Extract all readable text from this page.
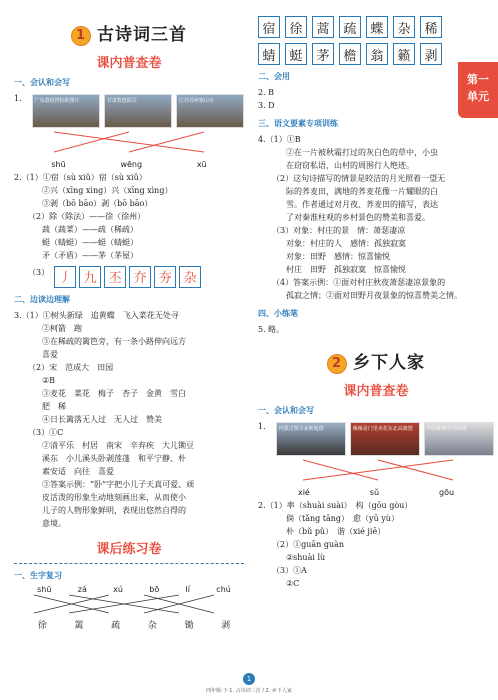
1 古诗词三首
课内普查卷
一、会认和会写
1.	广东荔枝湾拍的图片	甘肃敦煌阳关	江苏苏州寒山寺
shū	wēng	xū

2.（1）①宿（sù xiǔ）宿（sù xiǔ）

②兴（xīng xìng）兴（xīng xìng）

③剥（bō bāo）剥（bō bāo）

（2）除（除法）——徐（徐州）

蔬（蔬菜）——疏（稀疏）

蜓（蜻蜓）——蜓（蜻蜓）

矛（矛盾）——茅（茅屋）

（3） 丿 九 丕 夰 夯 杂
二、边读边理解

3.（1）①树头新绿　追黄蝶　飞入菜花无处寻

②柯箭　跑

③在稀疏的篱笆旁，有一条小路伸向远方

喜爱

（2）宋　范成大　田园

②B

③麦花　菜花　梅子　杏子　金黄　雪白

肥　稀

④日长篱落无人过　无人过　赞美

（3）①C

②清平乐　村居　南宋　辛弃疾　大儿锄豆

溪东　小儿溪头卧剥莲蓬　和平宁静、朴

素安适　向往　喜爱

③答案示例：“卧”字把小儿子天真可爱、顽

皮活泼的形象生动地刻画出来，从而使小

儿子的人物形象鲜明，表现出悠然自得的

意境。

课后练习卷
一、生字复习
shū	zá	xú	bō	lí	chú
徐	篱	疏	杂	锄	剥
宿	徐	蒿	疏	蝶	杂	稀
蜻	蜓	茅	檐	翁	籁	剥
二、会用

2. B

3. D

三、语文要素专项训练

4.（1）①B

②在一片被秋霜打过的灰白色的草中，小虫

在窃窃私语，山村的周围行人绝迹。

（2）这句诗描写的情景是皎洁的月光照着一望无

际的荞麦田，满地的荞麦花像一片耀眼的白

雪。作者通过对月夜、荞麦田的描写，表达

了对秦淮柱观的乡村景色的赞美和喜爱。

（3）对象：村庄的景　情：萧瑟凄凉

对象：村庄的人　感情：孤独寂寞

对象：田野　感情：惊喜愉悦

村庄　田野　孤独寂寞　惊喜愉悦

（4）答案示例：①面对村庄秋夜萧瑟凄凉景象的

孤寂之情；②面对田野月夜景象的惊喜赞美之情。

四、小练笔

5. 略。

2 乡下人家
课内普查卷
一、会认和会写
1.	内蒙古鄂尔多斯地图	缫缫是门里卖花东北高雄图	中国和谐号动车组
xié	sǔ	gōu

2.（1）率（shuài suài）　构（gōu gòu）

倘（tǎng tāng）　愈（yū yù）

朴（bǔ pǔ）　谐（xié jiē）

（2）①guān guàn

②shuài lù

（3）①A

②C

第一
单元
1
四年级·下·1. 古诗词三首 / 2. 乡下人家
